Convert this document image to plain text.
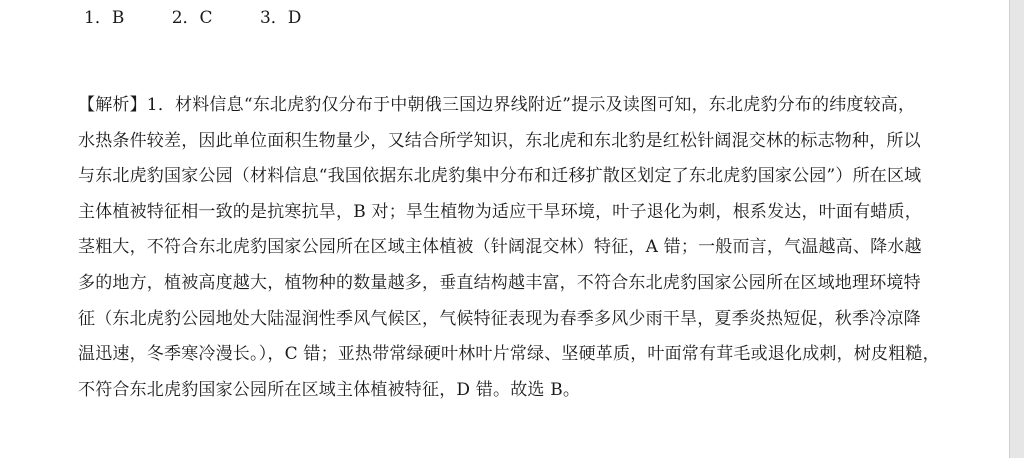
1．B	2．C	3．D
【解析】1．材料信息“东北虎豹仅分布于中朝俄三国边界线附近”提示及读图可知，东北虎豹分布的纬度较高，
水热条件较差，因此单位面积生物量少，又结合所学知识，东北虎和东北豹是红松针阔混交林的标志物种，所以
与东北虎豹国家公园（材料信息“我国依据东北虎豹集中分布和迁移扩散区划定了东北虎豹国家公园”）所在区域
主体植被特征相一致的是抗寒抗旱，B 对；旱生植物为适应干旱环境，叶子退化为刺，根系发达，叶面有蜡质，
茎粗大，不符合东北虎豹国家公园所在区域主体植被（针阔混交林）特征，A 错；一般而言，气温越高、降水越
多的地方，植被高度越大，植物种的数量越多，垂直结构越丰富，不符合东北虎豹国家公园所在区域地理环境特
征（东北虎豹公园地处大陆湿润性季风气候区，气候特征表现为春季多风少雨干旱，夏季炎热短促，秋季冷凉降
温迅速，冬季寒冷漫长。），C 错；亚热带常绿硬叶林叶片常绿、坚硬革质，叶面常有茸毛或退化成刺，树皮粗糙，
不符合东北虎豹国家公园所在区域主体植被特征，D 错。故选 B。
